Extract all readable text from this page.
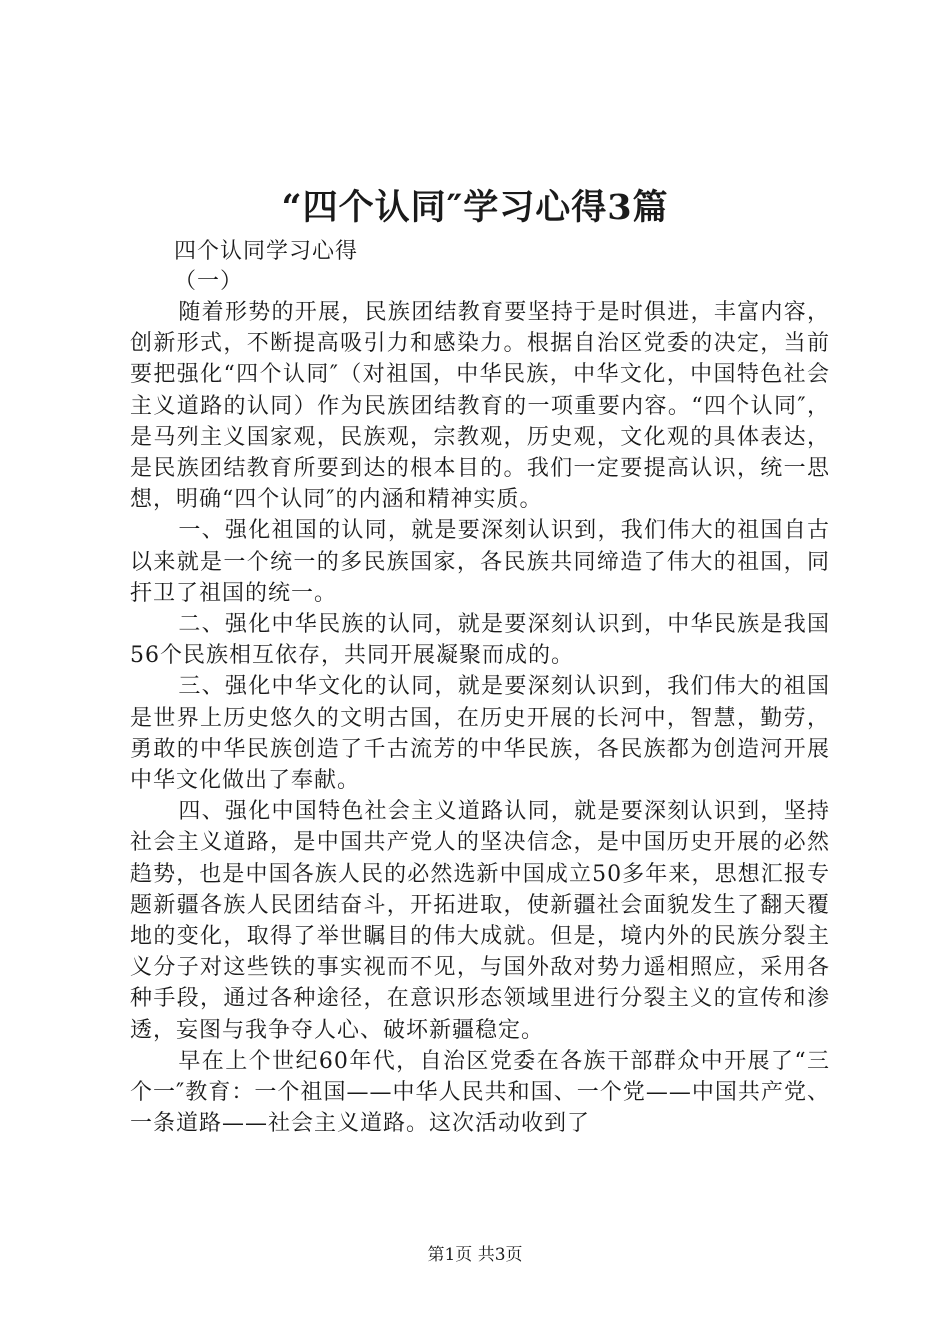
“四个认同″学习心得3篇

四个认同学习心得

（一）

随着形势的开展，民族团结教育要坚持于是时俱进，丰富内容，创新形式，不断提高吸引力和感染力。根据自治区党委的决定，当前要把强化“四个认同″（对祖国，中华民族，中华文化，中国特色社会主义道路的认同）作为民族团结教育的一项重要内容。“四个认同″，是马列主义国家观，民族观，宗教观，历史观，文化观的具体表达，是民族团结教育所要到达的根本目的。我们一定要提高认识，统一思想，明确“四个认同″的内涵和精神实质。

一、强化祖国的认同，就是要深刻认识到，我们伟大的祖国自古以来就是一个统一的多民族国家，各民族共同缔造了伟大的祖国，同扞卫了祖国的统一。

二、强化中华民族的认同，就是要深刻认识到，中华民族是我国56个民族相互依存，共同开展凝聚而成的。

三、强化中华文化的认同，就是要深刻认识到，我们伟大的祖国是世界上历史悠久的文明古国，在历史开展的长河中，智慧，勤劳，勇敢的中华民族创造了千古流芳的中华民族，各民族都为创造河开展中华文化做出了奉献。

四、强化中国特色社会主义道路认同，就是要深刻认识到，坚持社会主义道路，是中国共产党人的坚决信念，是中国历史开展的必然趋势，也是中国各族人民的必然选新中国成立50多年来，思想汇报专题新疆各族人民团结奋斗，开拓进取，使新疆社会面貌发生了翻天覆地的变化，取得了举世瞩目的伟大成就。但是，境内外的民族分裂主义分子对这些铁的事实视而不见，与国外敌对势力遥相照应，采用各种手段，通过各种途径，在意识形态领域里进行分裂主义的宣传和渗透，妄图与我争夺人心、破坏新疆稳定。

早在上个世纪60年代，自治区党委在各族干部群众中开展了“三个一″教育：一个祖国——中华人民共和国、一个党——中国共产党、一条道路——社会主义道路。这次活动收到了

第1页 共3页
